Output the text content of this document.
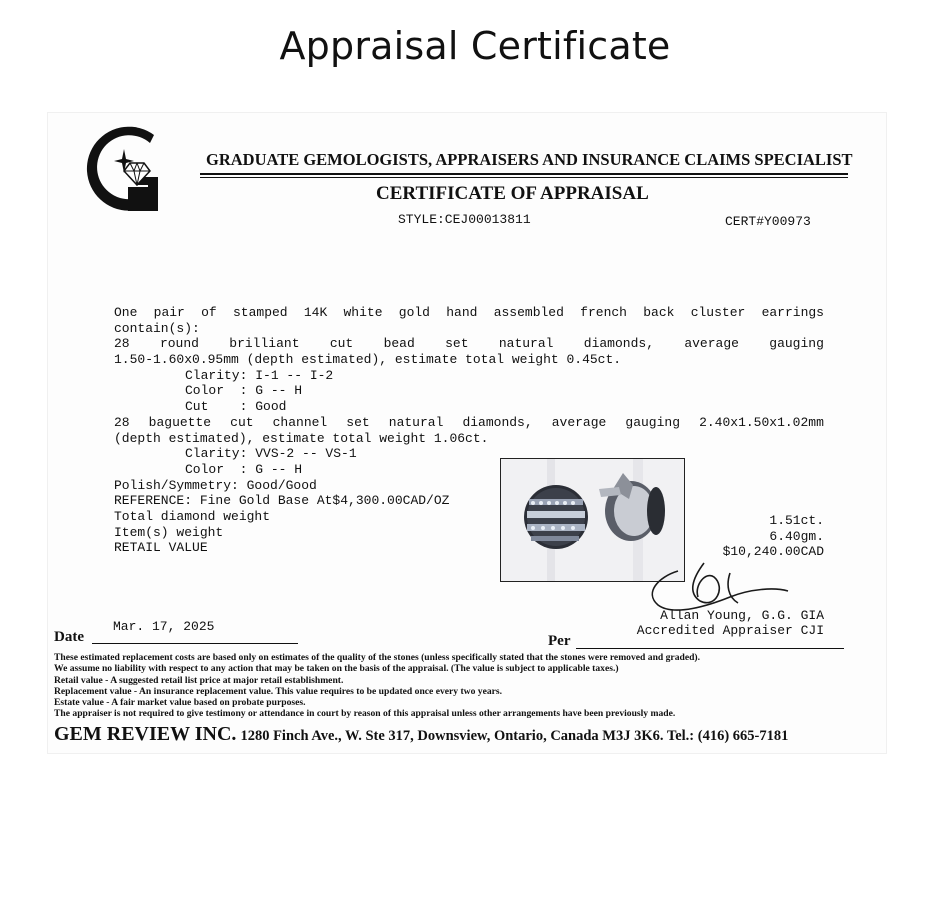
Appraisal Certificate
GRADUATE GEMOLOGISTS, APPRAISERS AND INSURANCE CLAIMS SPECIALIST
CERTIFICATE OF APPRAISAL
STYLE:CEJ00013811	CERT#Y00973
One pair of stamped 14K white gold hand assembled french back cluster earrings
contain(s):
28 round brilliant cut bead set natural diamonds, average gauging
1.50-1.60x0.95mm (depth estimated), estimate total weight 0.45ct.
Clarity: I-1 -- I-2
Color  : G -- H
Cut    : Good
28 baguette cut channel set natural diamonds, average gauging 2.40x1.50x1.02mm
(depth estimated), estimate total weight 1.06ct.
Clarity: VVS-2 -- VS-1
Color  : G -- H
Polish/Symmetry: Good/Good
REFERENCE: Fine Gold Base At$4,300.00CAD/OZ
Total diamond weight
Item(s) weight
RETAIL VALUE
1.51ct.
6.40gm.
$10,240.00CAD
Allan Young, G.G. GIA
Accredited Appraiser CJI
Mar. 17, 2025
Date	Per
These estimated replacement costs are based only on estimates of the quality of the stones (unless specifically stated that the stones were removed and graded).
We assume no liability with respect to any action that may be taken on the basis of the appraisal. (The value is subject to applicable taxes.)
Retail value - A suggested retail list price at major retail establishment.
Replacement value - An insurance replacement value. This value requires to be updated once every two years.
Estate value - A fair market value based on probate purposes.
The appraiser is not required to give testimony or attendance in court by reason of this appraisal unless other arrangements have been previously made.
GEM REVIEW INC. 1280 Finch Ave., W. Ste 317, Downsview, Ontario, Canada M3J 3K6. Tel.: (416) 665-7181
